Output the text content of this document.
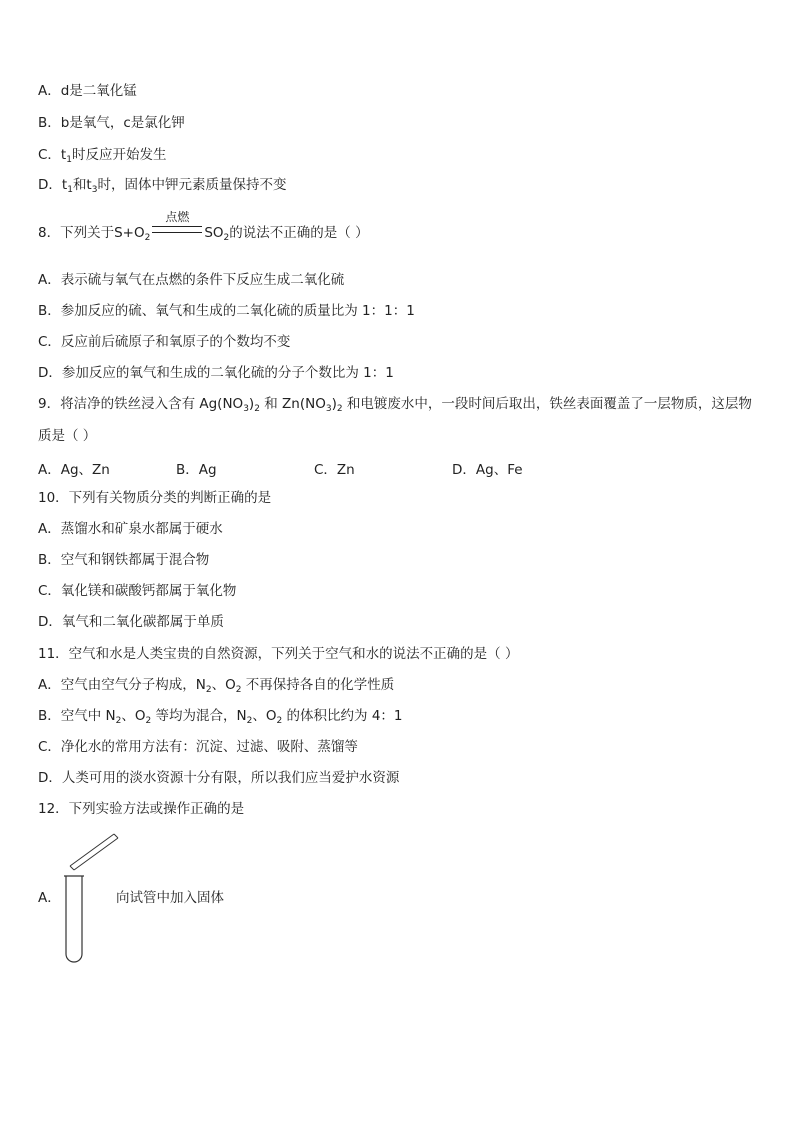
A．d是二氧化锰
B．b是氧气，c是氯化钾
C．$t_1$时反应开始发生
D．$t_1$和$t_3$时，固体中钾元素质量保持不变
8．下列关于$S+O_2$
点燃
$SO_2$的说法不正确的是（ ）
A．表示硫与氧气在点燃的条件下反应生成二氧化硫
B．参加反应的硫、氧气和生成的二氧化硫的质量比为 1：1：1
C．反应前后硫原子和氧原子的个数均不变
D．参加反应的氧气和生成的二氧化硫的分子个数比为 1：1
9．将洁净的铁丝浸入含有 $Ag(NO_3)_2$ 和 $Zn(NO_3)_2$ 和电镀废水中，一段时间后取出，铁丝表面覆盖了一层物质，这层物
质是（ ）
A．Ag、Zn	B．Ag	C．Zn	D．Ag、Fe
10．下列有关物质分类的判断正确的是
A．蒸馏水和矿泉水都属于硬水
B．空气和钢铁都属于混合物
C．氧化镁和碳酸钙都属于氧化物
D．氧气和二氧化碳都属于单质
11．空气和水是人类宝贵的自然资源，下列关于空气和水的说法不正确的是（ ）
A．空气由空气分子构成，$N_2$、$O_2$ 不再保持各自的化学性质
B．空气中 $N_2$、$O_2$ 等均为混合，$N_2$、$O_2$ 的体积比约为 4：1
C．净化水的常用方法有：沉淀、过滤、吸附、蒸馏等
D．人类可用的淡水资源十分有限，所以我们应当爱护水资源
12．下列实验方法或操作正确的是
A．	向试管中加入固体
